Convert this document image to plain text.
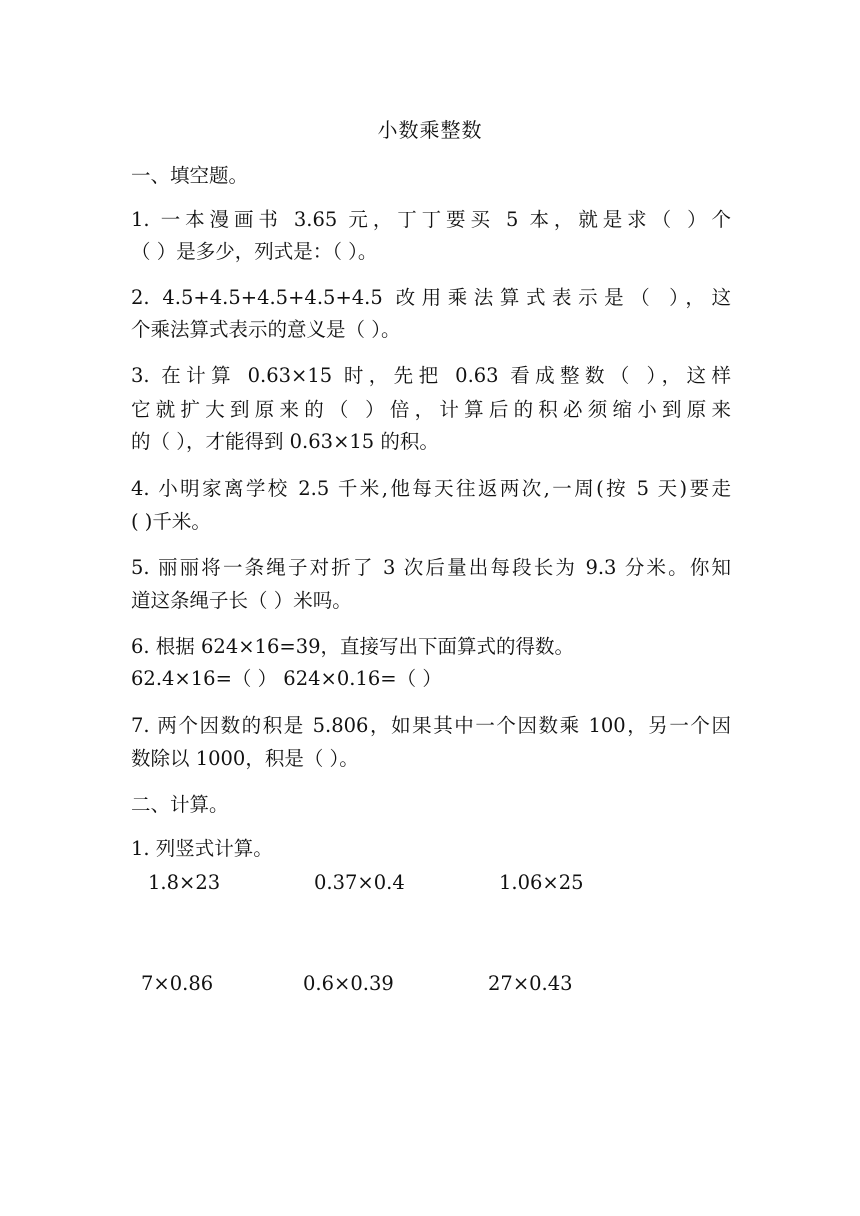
小数乘整数
一、填空题。
1. 一本漫画书 3.65 元，丁丁要买 5 本，就是求（ ）个
（ ）是多少，列式是：（ ）。
2. 4.5+4.5+4.5+4.5+4.5 改用乘法算式表示是（ ），这
个乘法算式表示的意义是（ ）。
3. 在计算 0.63×15 时，先把 0.63 看成整数（ ），这样
它就扩大到原来的（ ）倍，计算后的积必须缩小到原来
的（ ），才能得到 0.63×15 的积。
4. 小明家离学校 2.5 千米,他每天往返两次,一周(按 5 天)要走
( )千米。
5. 丽丽将一条绳子对折了 3 次后量出每段长为 9.3 分米。你知
道这条绳子长（ ）米吗。
6. 根据 624×16=39，直接写出下面算式的得数。
62.4×16=（ ） 624×0.16=（ ）
7. 两个因数的积是 5.806，如果其中一个因数乘 100，另一个因
数除以 1000，积是（ ）。
二、计算。
1. 列竖式计算。
1.8×23	0.37×0.4	1.06×25
7×0.86	0.6×0.39	27×0.43
